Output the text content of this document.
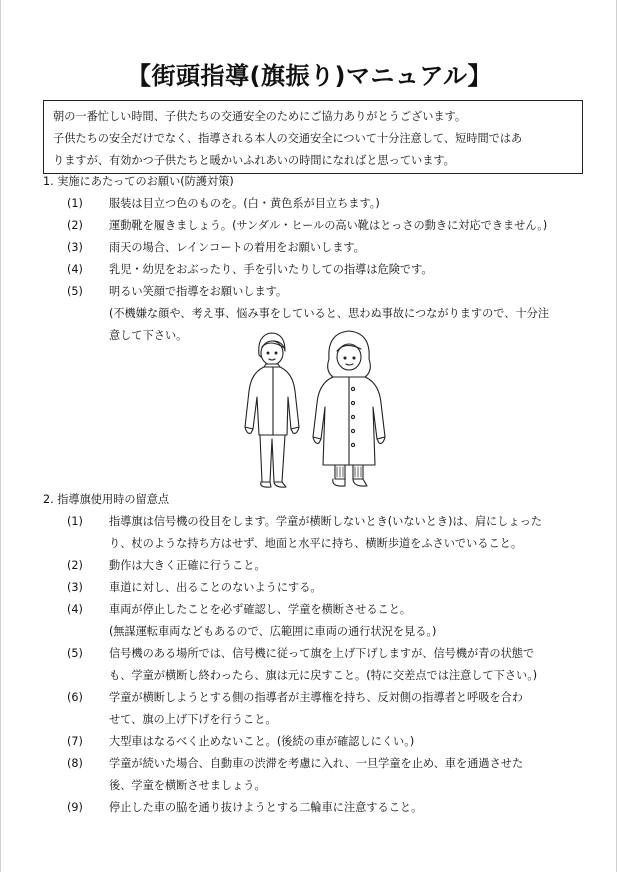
【街頭指導(旗振り)マニュアル】

朝の一番忙しい時間、子供たちの交通安全のためにご協力ありがとうございます。

子供たちの安全だけでなく、指導される本人の交通安全について十分注意して、短時間ではあ

りますが、有効かつ子供たちと暖かいふれあいの時間になればと思っています。

1. 実施にあたってのお願い(防護対策)
(1)	服装は目立つ色のものを。(白・黄色系が目立ちます。)

(2)	運動靴を履きましょう。(サンダル・ヒールの高い靴はとっさの動きに対応できません。)

(3)	雨天の場合、レインコートの着用をお願いします。

(4)	乳児・幼児をおぶったり、手を引いたりしての指導は危険です。

(5)	明るい笑顔で指導をお願いします。

(不機嫌な顔や、考え事、悩み事をしていると、思わぬ事故につながりますので、十分注

意して下さい。

2. 指導旗使用時の留意点
(1)	指導旗は信号機の役目をします。学童が横断しないとき(いないとき)は、肩にしょった

り、杖のような持ち方はせず、地面と水平に持ち、横断歩道をふさいでいること。

(2)	動作は大きく正確に行うこと。

(3)	車道に対し、出ることのないようにする。

(4)	車両が停止したことを必ず確認し、学童を横断させること。

(無謀運転車両などもあるので、広範囲に車両の通行状況を見る。)

(5)	信号機のある場所では、信号機に従って旗を上げ下げしますが、信号機が青の状態で

も、学童が横断し終わったら、旗は元に戻すこと。(特に交差点では注意して下さい。)

(6)	学童が横断しようとする側の指導者が主導権を持ち、反対側の指導者と呼吸を合わ

せて、旗の上げ下げを行うこと。

(7)	大型車はなるべく止めないこと。(後続の車が確認しにくい。)

(8)	学童が続いた場合、自動車の渋滞を考慮に入れ、一旦学童を止め、車を通過させた

後、学童を横断させましょう。

(9)	停止した車の脇を通り抜けようとする二輪車に注意すること。
